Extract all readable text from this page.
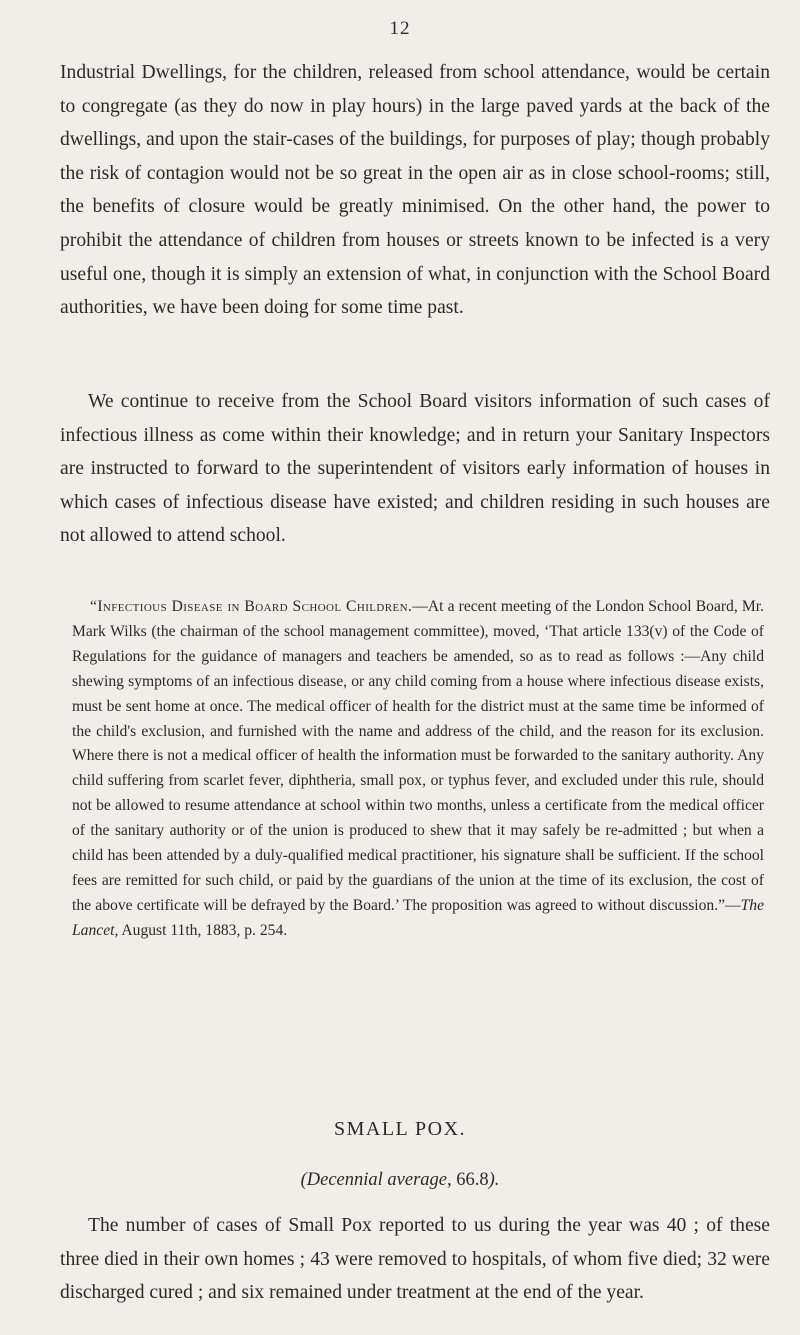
12

Industrial Dwellings, for the children, released from school attendance, would be certain to congregate (as they do now in play hours) in the large paved yards at the back of the dwellings, and upon the stair-cases of the buildings, for purposes of play; though probably the risk of contagion would not be so great in the open air as in close school-rooms; still, the benefits of closure would be greatly minimised. On the other hand, the power to prohibit the attendance of children from houses or streets known to be infected is a very useful one, though it is simply an extension of what, in conjunction with the School Board authorities, we have been doing for some time past.

We continue to receive from the School Board visitors information of such cases of infectious illness as come within their knowledge; and in return your Sanitary Inspectors are instructed to forward to the superintendent of visitors early information of houses in which cases of infectious disease have existed; and children residing in such houses are not allowed to attend school.

“Infectious Disease in Board School Children.—At a recent meeting of the London School Board, Mr. Mark Wilks (the chairman of the school management committee), moved, ‘That article 133(v) of the Code of Regulations for the guidance of managers and teachers be amended, so as to read as follows :—Any child shewing symptoms of an infectious disease, or any child coming from a house where infectious disease exists, must be sent home at once. The medical officer of health for the district must at the same time be informed of the child's exclusion, and furnished with the name and address of the child, and the reason for its exclusion. Where there is not a medical officer of health the information must be forwarded to the sanitary authority. Any child suffering from scarlet fever, diphtheria, small pox, or typhus fever, and excluded under this rule, should not be allowed to resume attendance at school within two months, unless a certificate from the medical officer of the sanitary authority or of the union is produced to shew that it may safely be re-admitted ; but when a child has been attended by a duly-qualified medical practitioner, his signature shall be sufficient. If the school fees are remitted for such child, or paid by the guardians of the union at the time of its exclusion, the cost of the above certificate will be defrayed by the Board.’ The proposition was agreed to without discussion.”—The Lancet, August 11th, 1883, p. 254.

SMALL POX.

(Decennial average, 66.8).

The number of cases of Small Pox reported to us during the year was 40 ; of these three died in their own homes ; 43 were removed to hospitals, of whom five died; 32 were discharged cured ; and six remained under treatment at the end of the year.
